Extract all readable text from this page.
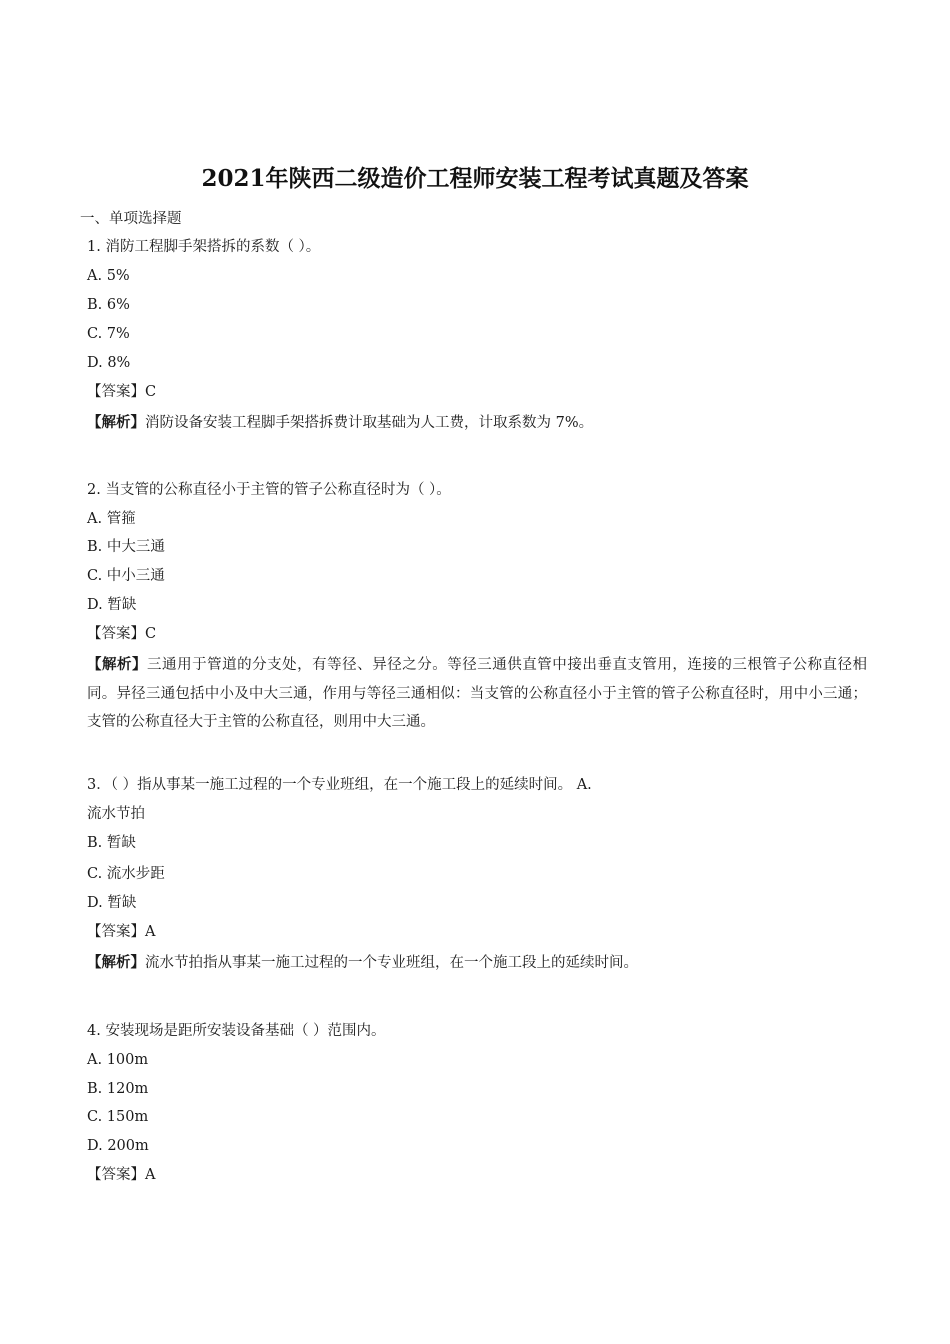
2021年陕西二级造价工程师安装工程考试真题及答案
一、单项选择题
1. 消防工程脚手架搭拆的系数（ ）。
A. 5%
B. 6%
C. 7%
D. 8%
【答案】C
【解析】消防设备安装工程脚手架搭拆费计取基础为人工费，计取系数为 7%。
2. 当支管的公称直径小于主管的管子公称直径时为（ ）。
A. 管箍
B. 中大三通
C. 中小三通
D. 暂缺
【答案】C
【解析】三通用于管道的分支处，有等径、异径之分。等径三通供直管中接出垂直支管用，连接的三根管子公称直径相同。异径三通包括中小及中大三通，作用与等径三通相似：当支管的公称直径小于主管的管子公称直径时，用中小三通；支管的公称直径大于主管的公称直径，则用中大三通。
3．（ ）指从事某一施工过程的一个专业班组，在一个施工段上的延续时间。 A.
流水节拍
B. 暂缺
C. 流水步距
D. 暂缺
【答案】A
【解析】流水节拍指从事某一施工过程的一个专业班组，在一个施工段上的延续时间。
4. 安装现场是距所安装设备基础（ ）范围内。
A. 100m
B. 120m
C. 150m
D. 200m
【答案】A
